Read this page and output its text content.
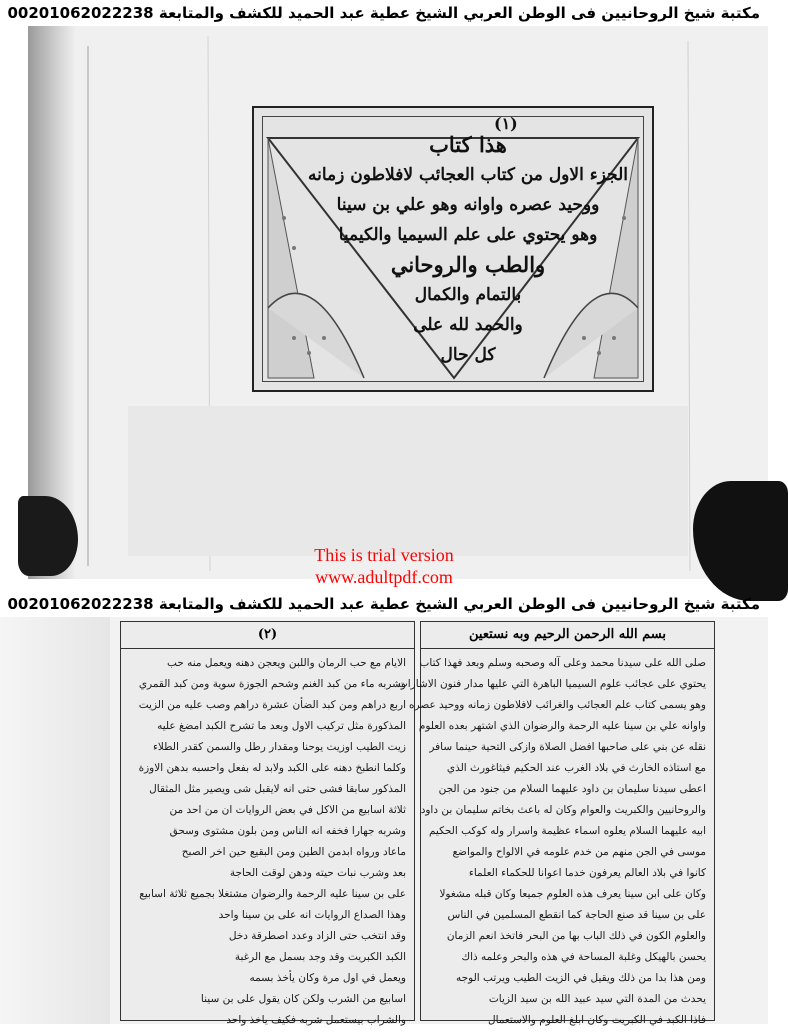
مكتبة شيخ الروحانيين فى الوطن العربي الشيخ عطية عبد الحميد للكشف والمتابعة 00201062022238
(١)
هذا كتاب
الجزء الاول من كتاب العجائب لافلاطون زمانه
ووحيد عصره واوانه وهو علي بن سينا
وهو يحتوي على علم السيميا والكيميا
والطب والروحاني
بالتمام والكمال
والحمد لله على
كل حال
This is trial version
www.adultpdf.com
مكتبة شيخ الروحانيين فى الوطن العربي الشيخ عطية عبد الحميد للكشف والمتابعة 00201062022238
(٢)
الايام مع حب الرمان واللبن ويعجن دهنه ويعمل منه حب
وشربه ماء من كبد الغنم وشحم الجوزة سوية ومن كبد القمري
اربع دراهم ومن كبد الضأن عشرة دراهم وصب عليه من الزيت
المذكورة مثل تركيب الاول وبعد ما تشرح الكبد امضغ عليه
زيت الطيب اوزيت يوحنا ومقدار رطل والسمن كقدر الطلاء
وكلما انطبخ دهنه على الكبد ولابد له بفعل واحسبه بدهن الاوزة
المذكور سابقا فشى حتى انه لايقبل شى ويصير مثل المثقال
ثلاثة اسابيع من الاكل في بعض الروايات ان من احد من
وشربه جهارا فخفه انه الناس ومن بلون مشتوى وسحق
ماعاد ورواه ابدمن الطين ومن البقيع حين اخر الصبح
بعد وشرب نبات حيته ودهن لوقت الحاجة
على بن سينا عليه الرحمة والرضوان مشتغلا بجميع ثلاثة اسابيع
وهذا الصداع الروايات انه على بن سينا واحد
وقد انتخب حتى الزاد وعدد اصطرقة دخل
الكبد الكبريت وقد وجد بسمل مع الرغبة
ويعمل في اول مرة وكان يأخذ بسمه
اسابيع من الشرب ولكن كان يقول على بن سينا
والشراب بيستعمل شربه فكيف ياخذ واحد
بسم الله الرحمن الرحيم وبه نستعين
صلى الله على سيدنا محمد وعلى آله وصحبه وسلم وبعد فهذا كتاب
يحتوي على عجائب علوم السيميا الباهرة التي عليها مدار فنون الاشارات
وهو يسمى كتاب علم العجائب والغرائب لافلاطون زمانه ووحيد عصره
واوانه علي بن سينا عليه الرحمة والرضوان الذي اشتهر بعده العلوم
نقله عن بني على صاحبها افضل الصلاة وازكى التحية حينما سافر
مع استاذه الخارث في بلاد الغرب عند الحكيم فيثاغورث الذي
اعطى سيدنا سليمان بن داود عليهما السلام من جنود من الجن
والروحانيين والكبريت والعوام وكان له باعث بخاتم سليمان بن داود
ابيه عليهما السلام يعلوه اسماء عظيمة واسرار وله كوكب الحكيم
موسى في الجن منهم من خدم علومه في الالواح والمواضع
كانوا في بلاد العالم يعرفون خدما اعوانا للحكماء العلماء
وكان على ابن سينا يعرف هذه العلوم جميعا وكان قبله مشغولا
على بن سينا قد صنع الحاجة كما انقطع المسلمين في الناس
والعلوم الكون في ذلك الباب بها من البحر فاتخذ انعم الزمان
يحسن بالهيكل وغلبة المساحة في هذه والبحر وعلمه ذاك
ومن هذا بدا من ذلك ويقيل في الزيت الطيب ويرتب الوجه
يحدث من المدة التي سيد عبيد الله بن سيد الزيات
فاذا الكبد في الكبريت وكان ابلغ العلوم والاستعمال
